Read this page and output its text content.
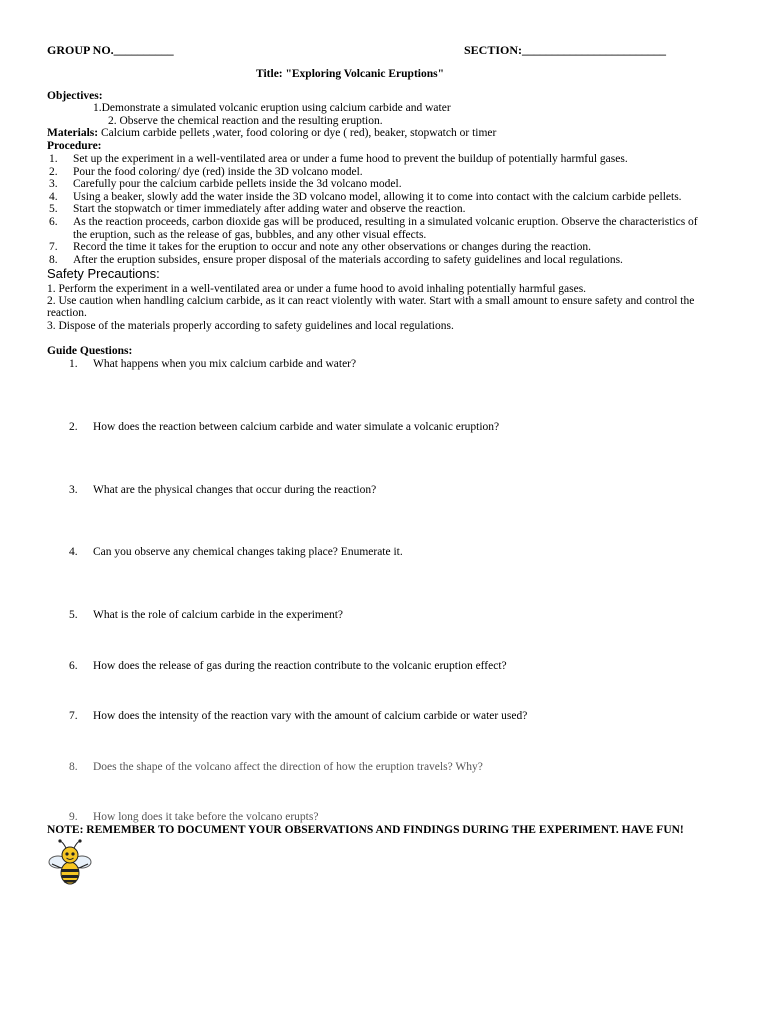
GROUP NO.__________	SECTION:________________________
Title: "Exploring Volcanic Eruptions"
Objectives:
1.Demonstrate a simulated volcanic eruption using calcium carbide and water
2. Observe the chemical reaction and the resulting eruption.
Materials: Calcium carbide pellets ,water, food coloring or dye ( red), beaker, stopwatch or timer
Procedure:
1. Set up the experiment in a well-ventilated area or under a fume hood to prevent the buildup of potentially harmful gases.
2. Pour the food coloring/ dye (red) inside the 3D volcano model.
3. Carefully pour the calcium carbide pellets inside the 3d volcano model.
4. Using a beaker, slowly add the water inside the 3D volcano model, allowing it to come into contact with the calcium carbide pellets.
5. Start the stopwatch or timer immediately after adding water and observe the reaction.
6. As the reaction proceeds, carbon dioxide gas will be produced, resulting in a simulated volcanic eruption. Observe the characteristics of
the eruption, such as the release of gas, bubbles, and any other visual effects.
7. Record the time it takes for the eruption to occur and note any other observations or changes during the reaction.
8. After the eruption subsides, ensure proper disposal of the materials according to safety guidelines and local regulations.
Safety Precautions:
1. Perform the experiment in a well-ventilated area or under a fume hood to avoid inhaling potentially harmful gases.
2. Use caution when handling calcium carbide, as it can react violently with water. Start with a small amount to ensure safety and control the
reaction.
3. Dispose of the materials properly according to safety guidelines and local regulations.
Guide Questions:
1. What happens when you mix calcium carbide and water?
2. How does the reaction between calcium carbide and water simulate a volcanic eruption?
3. What are the physical changes that occur during the reaction?
4. Can you observe any chemical changes taking place? Enumerate it.
5. What is the role of calcium carbide in the experiment?
6. How does the release of gas during the reaction contribute to the volcanic eruption effect?
7. How does the intensity of the reaction vary with the amount of calcium carbide or water used?
8. Does the shape of the volcano affect the direction of how the eruption travels? Why?
9. How long does it take before the volcano erupts?
NOTE: REMEMBER TO DOCUMENT YOUR OBSERVATIONS AND FINDINGS DURING THE EXPERIMENT. HAVE FUN!
